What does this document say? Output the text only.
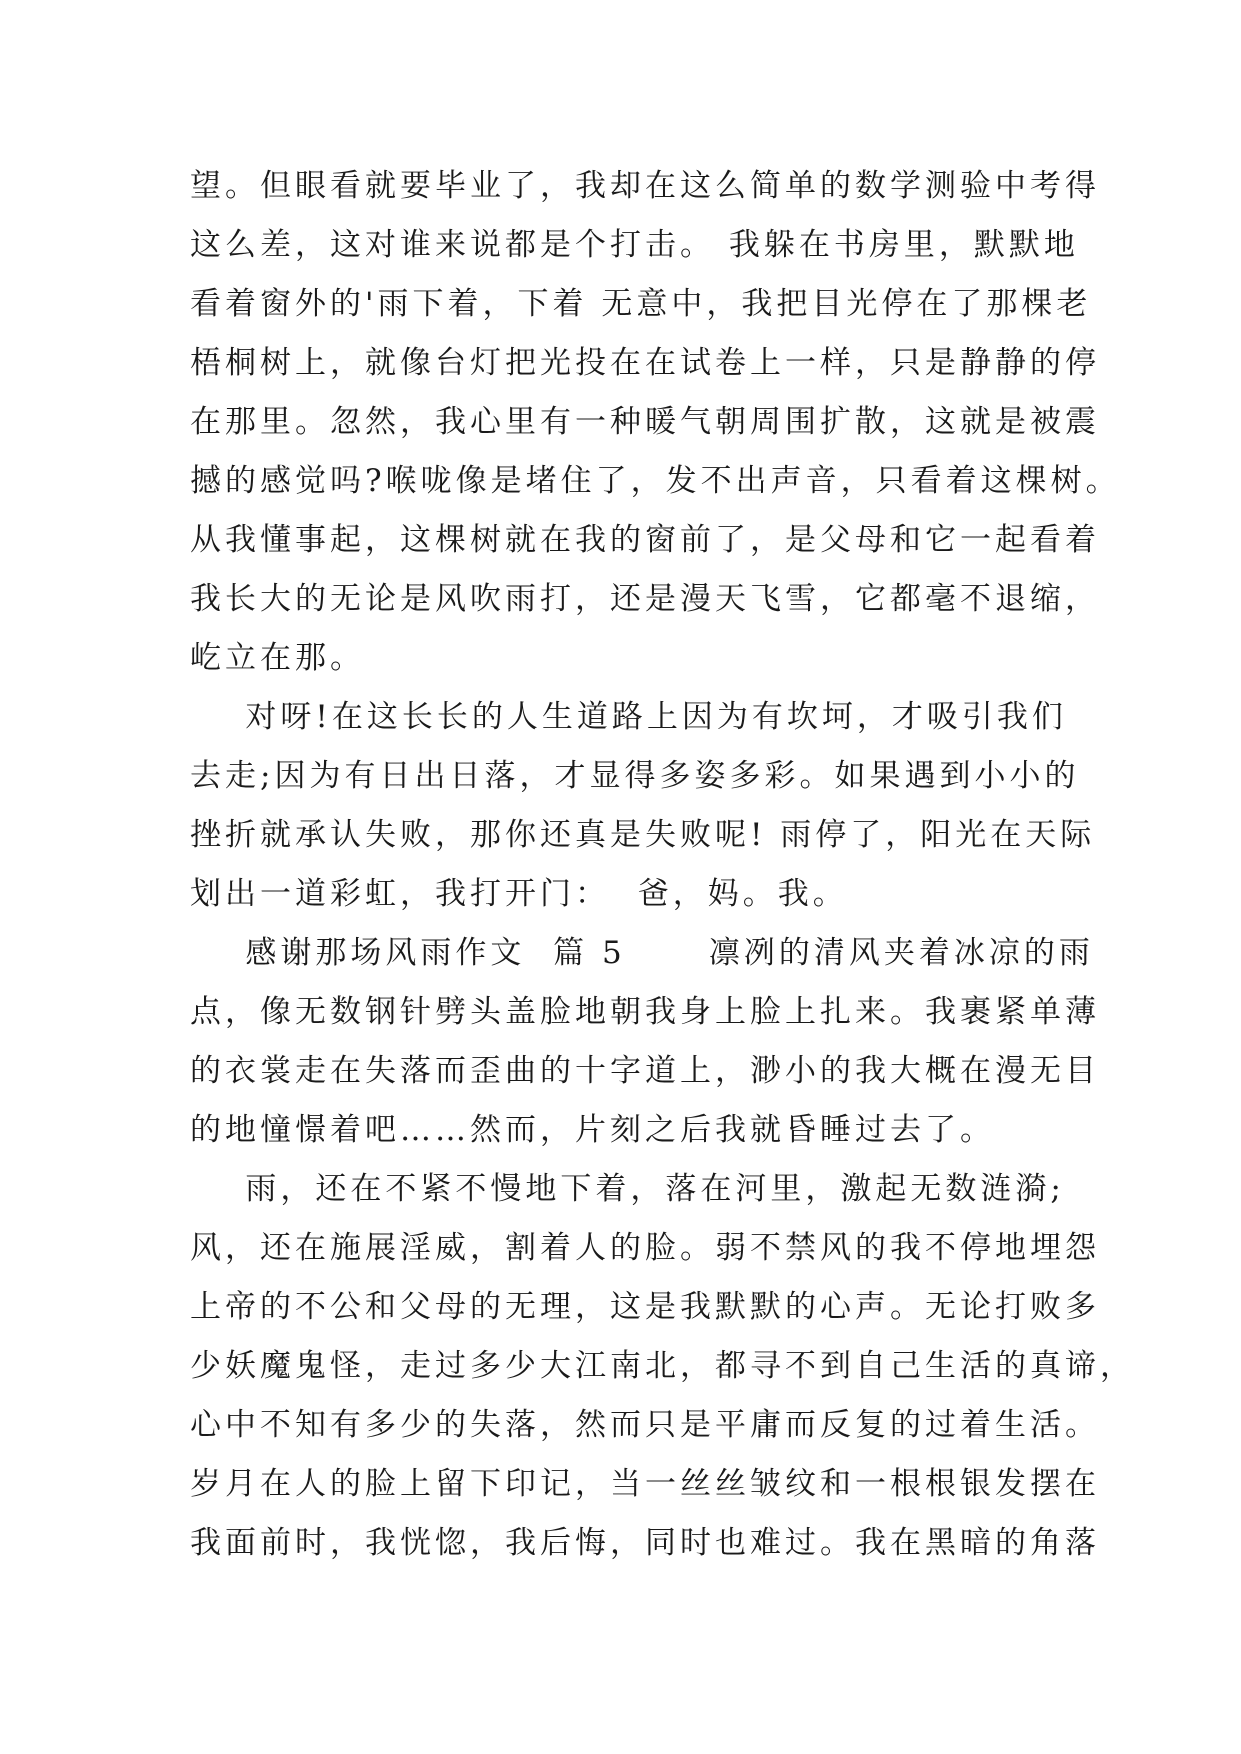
望。但眼看就要毕业了，我却在这么简单的数学测验中考得
这么差，这对谁来说都是个打击。 我躲在书房里，默默地
看着窗外的'雨下着，下着 无意中，我把目光停在了那棵老
梧桐树上，就像台灯把光投在在试卷上一样，只是静静的停
在那里。忽然，我心里有一种暖气朝周围扩散，这就是被震
撼的感觉吗?喉咙像是堵住了，发不出声音，只看着这棵树。
从我懂事起，这棵树就在我的窗前了，是父母和它一起看着
我长大的无论是风吹雨打，还是漫天飞雪，它都毫不退缩，
屹立在那。
对呀!在这长长的人生道路上因为有坎坷，才吸引我们
去走;因为有日出日落，才显得多姿多彩。如果遇到小小的
挫折就承认失败，那你还真是失败呢! 雨停了，阳光在天际
划出一道彩虹，我打开门：  爸，妈。我。
感谢那场风雨作文  篇 5      凛冽的清风夹着冰凉的雨
点，像无数钢针劈头盖脸地朝我身上脸上扎来。我裹紧单薄
的衣裳走在失落而歪曲的十字道上，渺小的我大概在漫无目
的地憧憬着吧……然而，片刻之后我就昏睡过去了。
雨，还在不紧不慢地下着，落在河里，激起无数涟漪;
风，还在施展淫威，割着人的脸。弱不禁风的我不停地埋怨
上帝的不公和父母的无理，这是我默默的心声。无论打败多
少妖魔鬼怪，走过多少大江南北，都寻不到自己生活的真谛，
心中不知有多少的失落，然而只是平庸而反复的过着生活。
岁月在人的脸上留下印记，当一丝丝皱纹和一根根银发摆在
我面前时，我恍惚，我后悔，同时也难过。我在黑暗的角落
